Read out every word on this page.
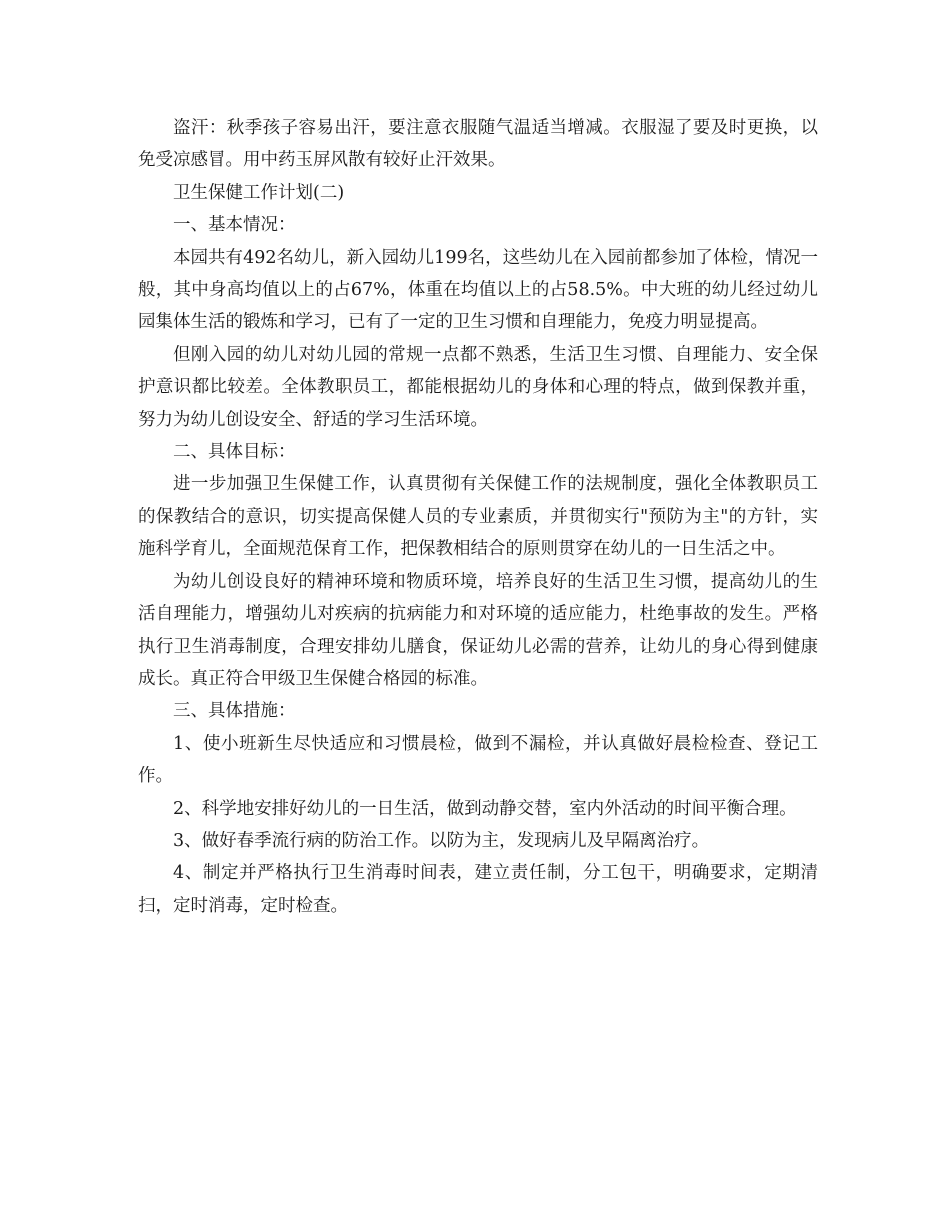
盗汗：秋季孩子容易出汗，要注意衣服随气温适当增减。衣服湿了要及时更换，以免受凉感冒。用中药玉屏风散有较好止汗效果。

卫生保健工作计划(二)

一、基本情况：

本园共有492名幼儿，新入园幼儿199名，这些幼儿在入园前都参加了体检，情况一般，其中身高均值以上的占67%，体重在均值以上的占58.5%。中大班的幼儿经过幼儿园集体生活的锻炼和学习，已有了一定的卫生习惯和自理能力，免疫力明显提高。

但刚入园的幼儿对幼儿园的常规一点都不熟悉，生活卫生习惯、自理能力、安全保护意识都比较差。全体教职员工，都能根据幼儿的身体和心理的特点，做到保教并重，努力为幼儿创设安全、舒适的学习生活环境。

二、具体目标：

进一步加强卫生保健工作，认真贯彻有关保健工作的法规制度，强化全体教职员工的保教结合的意识，切实提高保健人员的专业素质，并贯彻实行"预防为主"的方针，实施科学育儿，全面规范保育工作，把保教相结合的原则贯穿在幼儿的一日生活之中。

为幼儿创设良好的精神环境和物质环境，培养良好的生活卫生习惯，提高幼儿的生活自理能力，增强幼儿对疾病的抗病能力和对环境的适应能力，杜绝事故的发生。严格执行卫生消毒制度，合理安排幼儿膳食，保证幼儿必需的营养，让幼儿的身心得到健康成长。真正符合甲级卫生保健合格园的标准。

三、具体措施：

1、使小班新生尽快适应和习惯晨检，做到不漏检，并认真做好晨检检查、登记工作。

2、科学地安排好幼儿的一日生活，做到动静交替，室内外活动的时间平衡合理。

3、做好春季流行病的防治工作。以防为主，发现病儿及早隔离治疗。

4、制定并严格执行卫生消毒时间表，建立责任制，分工包干，明确要求，定期清扫，定时消毒，定时检查。
